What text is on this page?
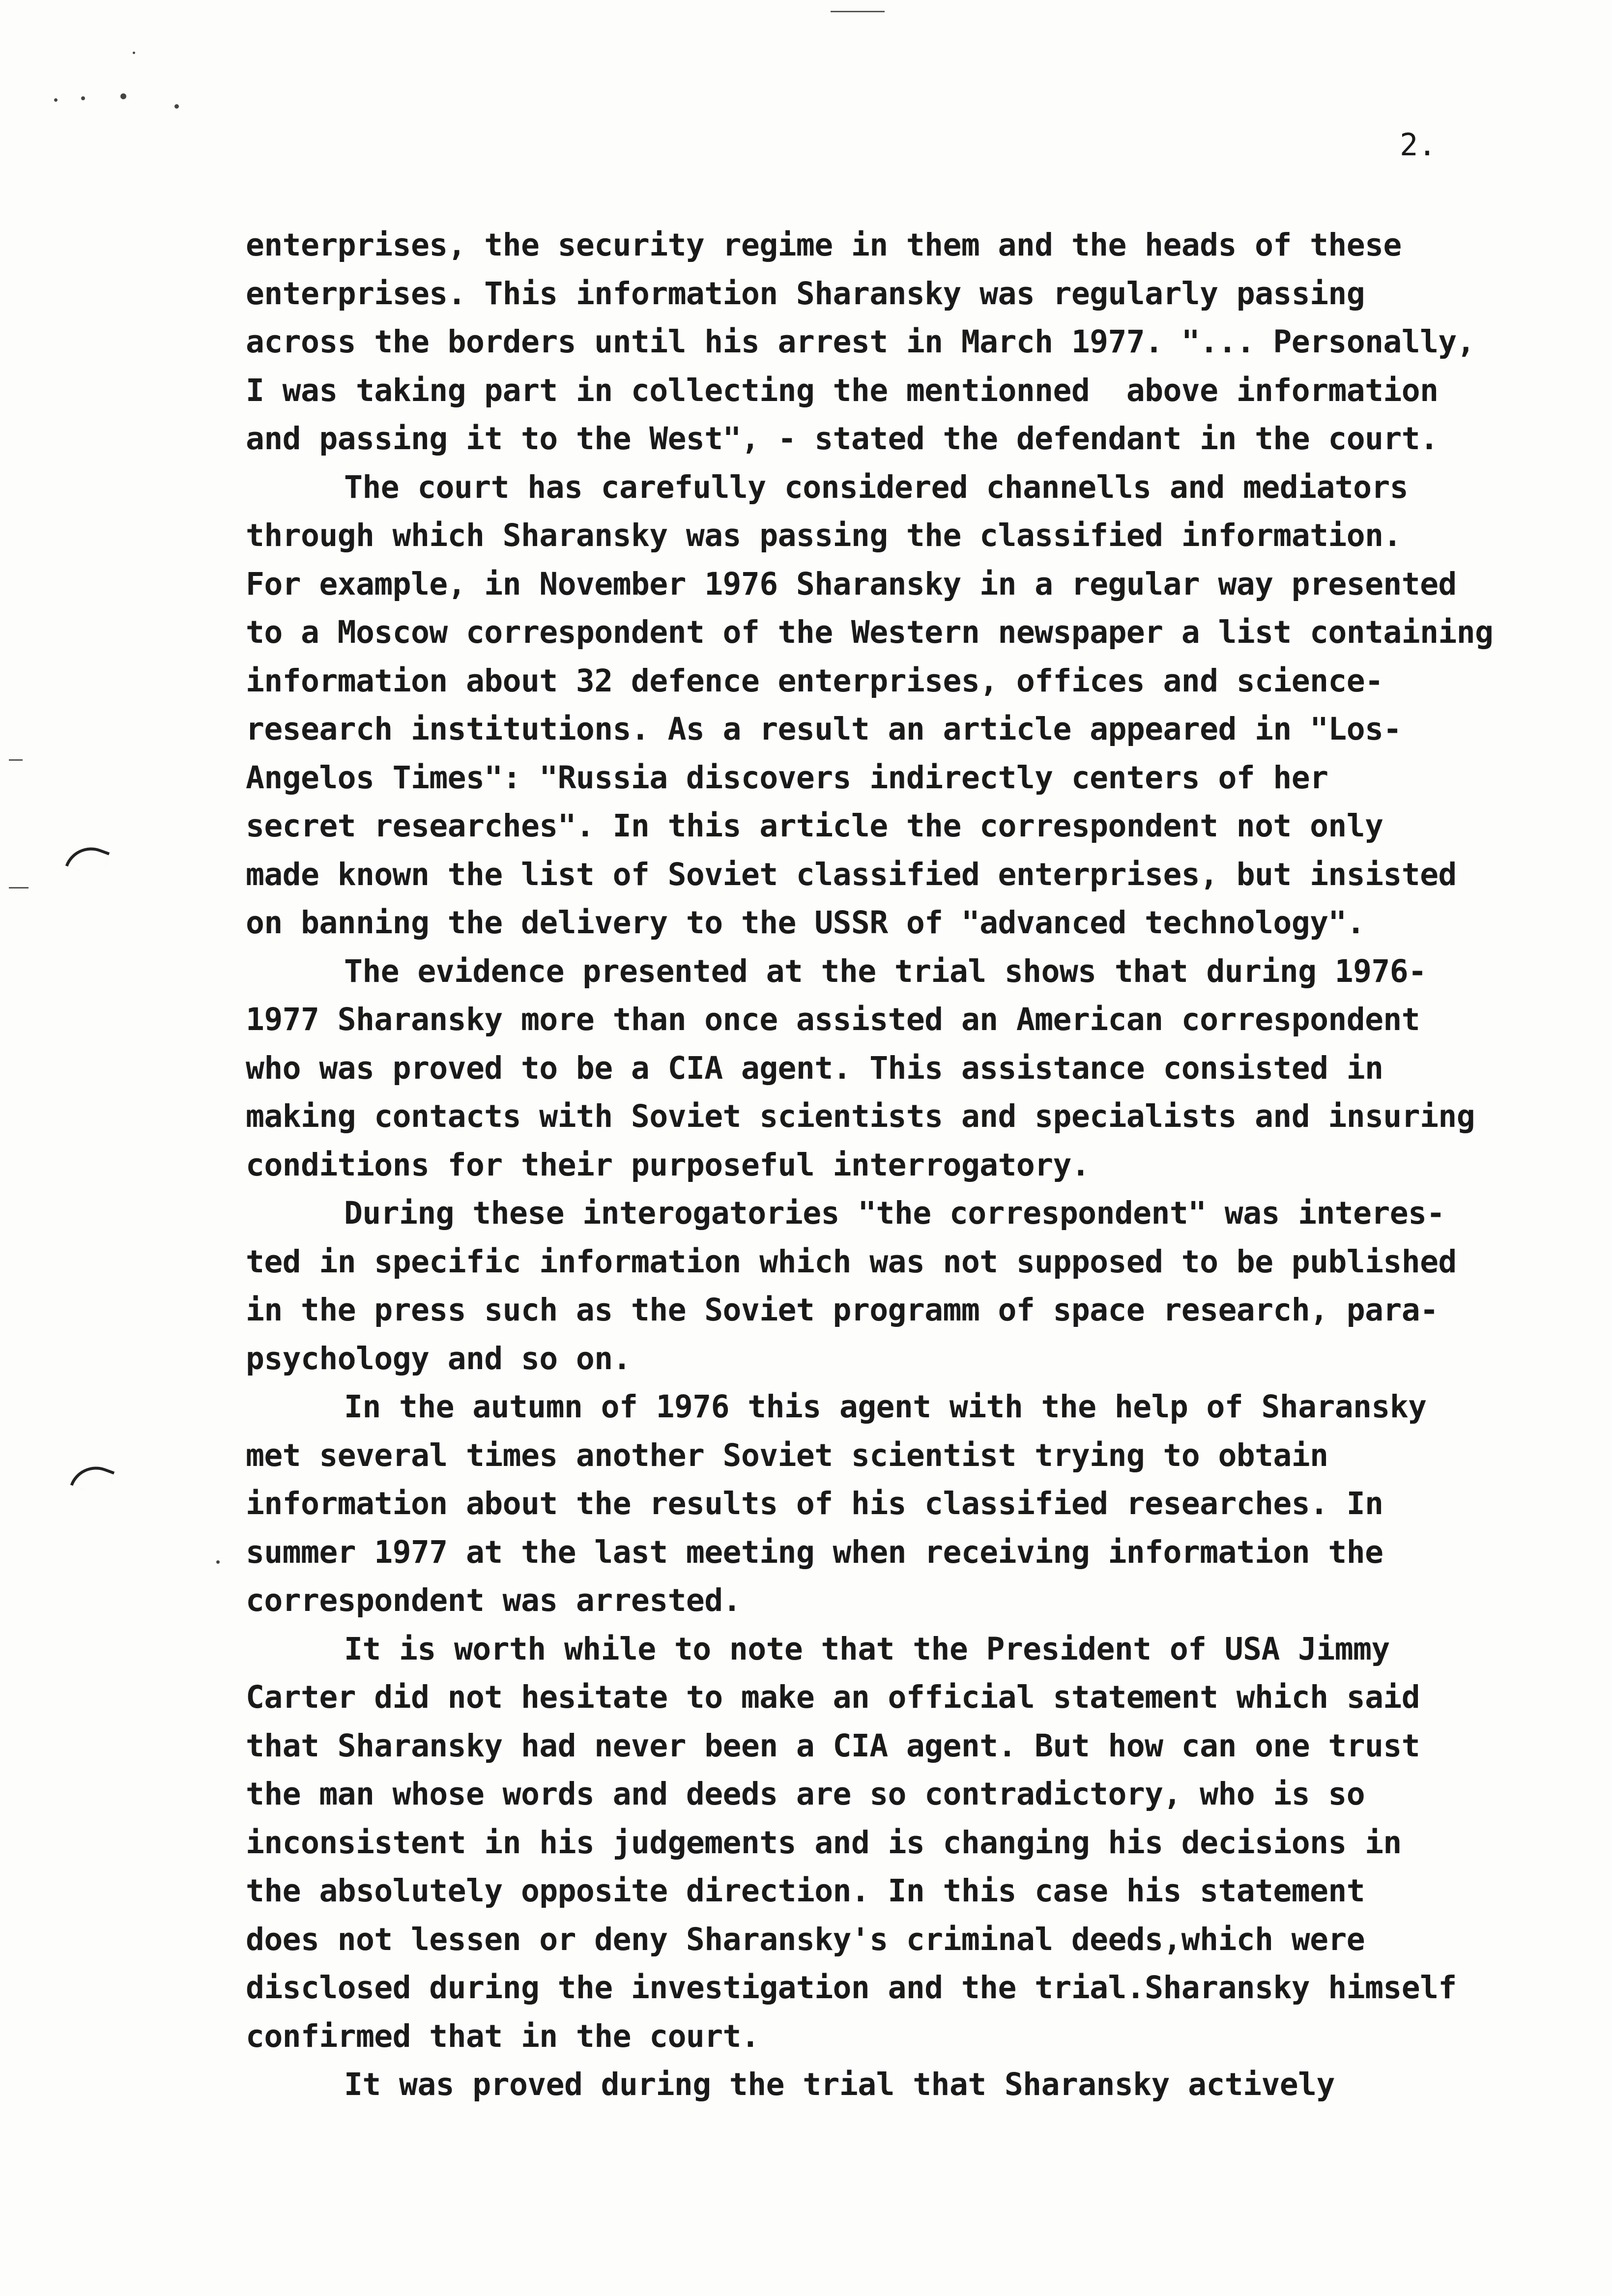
2.
enterprises, the security regime in them and the heads of these
enterprises. This information Sharansky was regularly passing
across the borders until his arrest in March 1977. "... Personally,
I was taking part in collecting the mentionned  above information
and passing it to the West", - stated the defendant in the court.
The court has carefully considered channells and mediators
through which Sharansky was passing the classified information.
For example, in November 1976 Sharansky in a regular way presented
to a Moscow correspondent of the Western newspaper a list containing
information about 32 defence enterprises, offices and science-
research institutions. As a result an article appeared in "Los-
Angelos Times": "Russia discovers indirectly centers of her
secret researches". In this article the correspondent not only
made known the list of Soviet classified enterprises, but insisted
on banning the delivery to the USSR of "advanced technology".
The evidence presented at the trial shows that during 1976-
1977 Sharansky more than once assisted an American correspondent
who was proved to be a CIA agent. This assistance consisted in
making contacts with Soviet scientists and specialists and insuring
conditions for their purposeful interrogatory.
During these interogatories "the correspondent" was interes-
ted in specific information which was not supposed to be published
in the press such as the Soviet programm of space research, para-
psychology and so on.
In the autumn of 1976 this agent with the help of Sharansky
met several times another Soviet scientist trying to obtain
information about the results of his classified researches. In
summer 1977 at the last meeting when receiving information the
correspondent was arrested.
It is worth while to note that the President of USA Jimmy
Carter did not hesitate to make an official statement which said
that Sharansky had never been a CIA agent. But how can one trust
the man whose words and deeds are so contradictory, who is so
inconsistent in his judgements and is changing his decisions in
the absolutely opposite direction. In this case his statement
does not lessen or deny Sharansky's criminal deeds,which were
disclosed during the investigation and the trial.Sharansky himself
confirmed that in the court.
It was proved during the trial that Sharansky actively
